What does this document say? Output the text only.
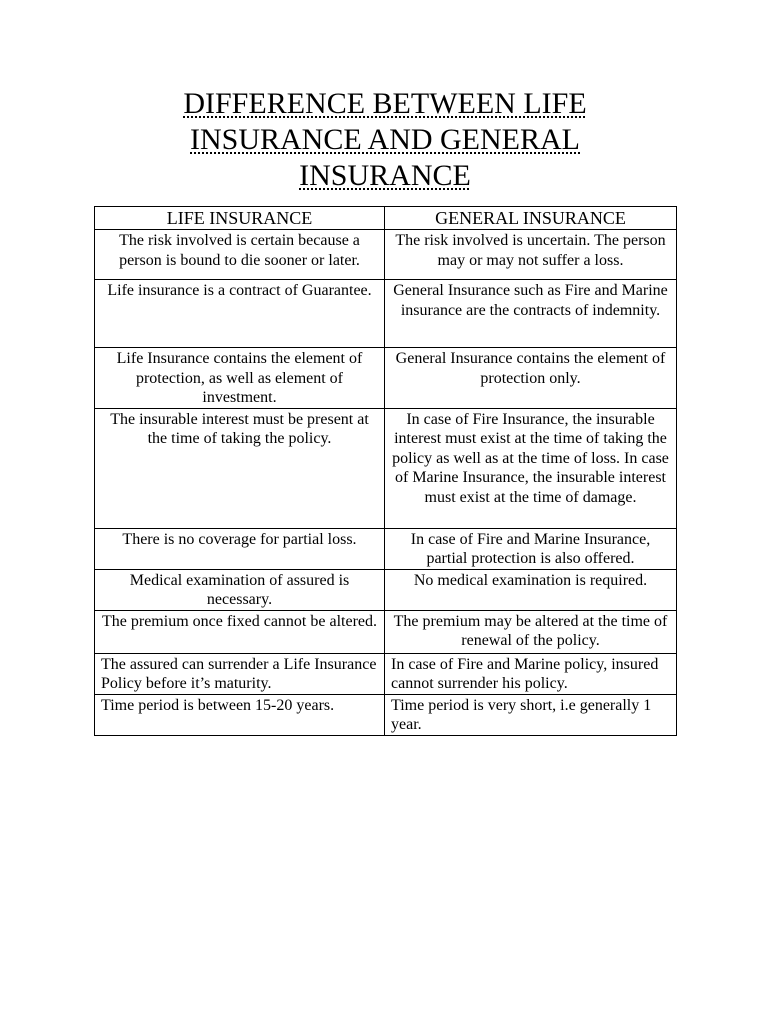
DIFFERENCE BETWEEN LIFE
INSURANCE AND GENERAL
INSURANCE
LIFE INSURANCE	GENERAL INSURANCE
The risk involved is certain because a person is bound to die sooner or later.	The risk involved is uncertain. The person may or may not suffer a loss.
Life insurance is a contract of Guarantee.	General Insurance such as Fire and Marine insurance are the contracts of indemnity.
Life Insurance contains the element of protection, as well as element of investment.	General Insurance contains the element of protection only.
The insurable interest must be present at the time of taking the policy.	In case of Fire Insurance, the insurable interest must exist at the time of taking the policy as well as at the time of loss. In case of Marine Insurance, the insurable interest must exist at the time of damage.
There is no coverage for partial loss.	In case of Fire and Marine Insurance, partial protection is also offered.
Medical examination of assured is necessary.	No medical examination is required.
The premium once fixed cannot be altered.	The premium may be altered at the time of renewal of the policy.
The assured can surrender a Life Insurance Policy before it’s maturity.	In case of Fire and Marine policy, insured cannot surrender his policy.
Time period is between 15-20 years.	Time period is very short, i.e generally 1 year.
